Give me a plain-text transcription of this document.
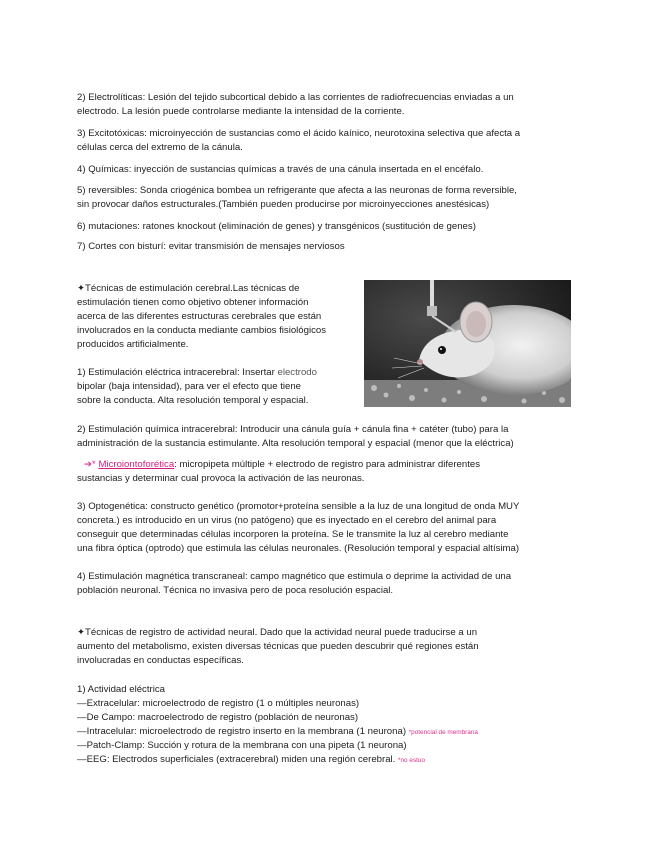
2) Electrolíticas: Lesión del tejido subcortical debido a las corrientes de radiofrecuencias enviadas a un

electrodo. La lesión puede controlarse mediante la intensidad de la corriente.

3) Excitotóxicas: microinyección de sustancias como el ácido kaínico, neurotoxina selectiva que afecta a

células cerca del extremo de la cánula.

4) Químicas: inyección de sustancias químicas a través de una cánula insertada en el encéfalo.

5) reversibles: Sonda criogénica bombea un refrigerante que afecta a las neuronas de forma reversible,

sin provocar daños estructurales.(También pueden producirse por microinyecciones anestésicas)

6) mutaciones: ratones knockout (eliminación de genes) y transgénicos (sustitución de genes)

7) Cortes con bisturí: evitar transmisión de mensajes nerviosos

✦Técnicas de estimulación cerebral.Las técnicas de

estimulación tienen como objetivo obtener información

acerca de las diferentes estructuras cerebrales que están

involucrados en la conducta mediante cambios fisiológicos

producidos artificialmente.

1) Estimulación eléctrica intracerebral: Insertar electrodo

bipolar (baja intensidad), para ver el efecto que tiene

sobre la conducta. Alta resolución temporal y espacial.

2) Estimulación química intracerebral: Introducir una cánula guía + cánula fina + catéter (tubo) para la

administración de la sustancia estimulante. Alta resolución temporal y espacial (menor que la eléctrica)

➔* Microiontoforética: micropipeta múltiple + electrodo de registro para administrar diferentes

sustancias y determinar cual provoca la activación de las neuronas.

3) Optogenética: constructo genético (promotor+proteína sensible a la luz de una longitud de onda MUY

concreta.) es introducido en un virus (no patógeno) que es inyectado en el cerebro del animal para

conseguir que determinadas células incorporen la proteína. Se le transmite la luz al cerebro mediante

una fibra óptica (optrodo) que estimula las células neuronales. (Resolución temporal y espacial altísima)

4) Estimulación magnética transcraneal: campo magnético que estimula o deprime la actividad de una

población neuronal. Técnica no invasiva pero de poca resolución espacial.

✦Técnicas de registro de actividad neural. Dado que la actividad neural puede traducirse a un

aumento del metabolismo, existen diversas técnicas que pueden descubrir qué regiones están

involucradas en conductas específicas.

1) Actividad eléctrica

—Extracelular: microelectrodo de registro (1 o múltiples neuronas)

—De Campo: macroelectrodo de registro (población de neuronas)

—Intracelular: microelectrodo de registro inserto en la membrana (1 neurona) *potencial de membrana

—Patch-Clamp: Succión y rotura de la membrana con una pipeta (1 neurona)

—EEG: Electrodos superficiales (extracerebral) miden una región cerebral. *no estuo
